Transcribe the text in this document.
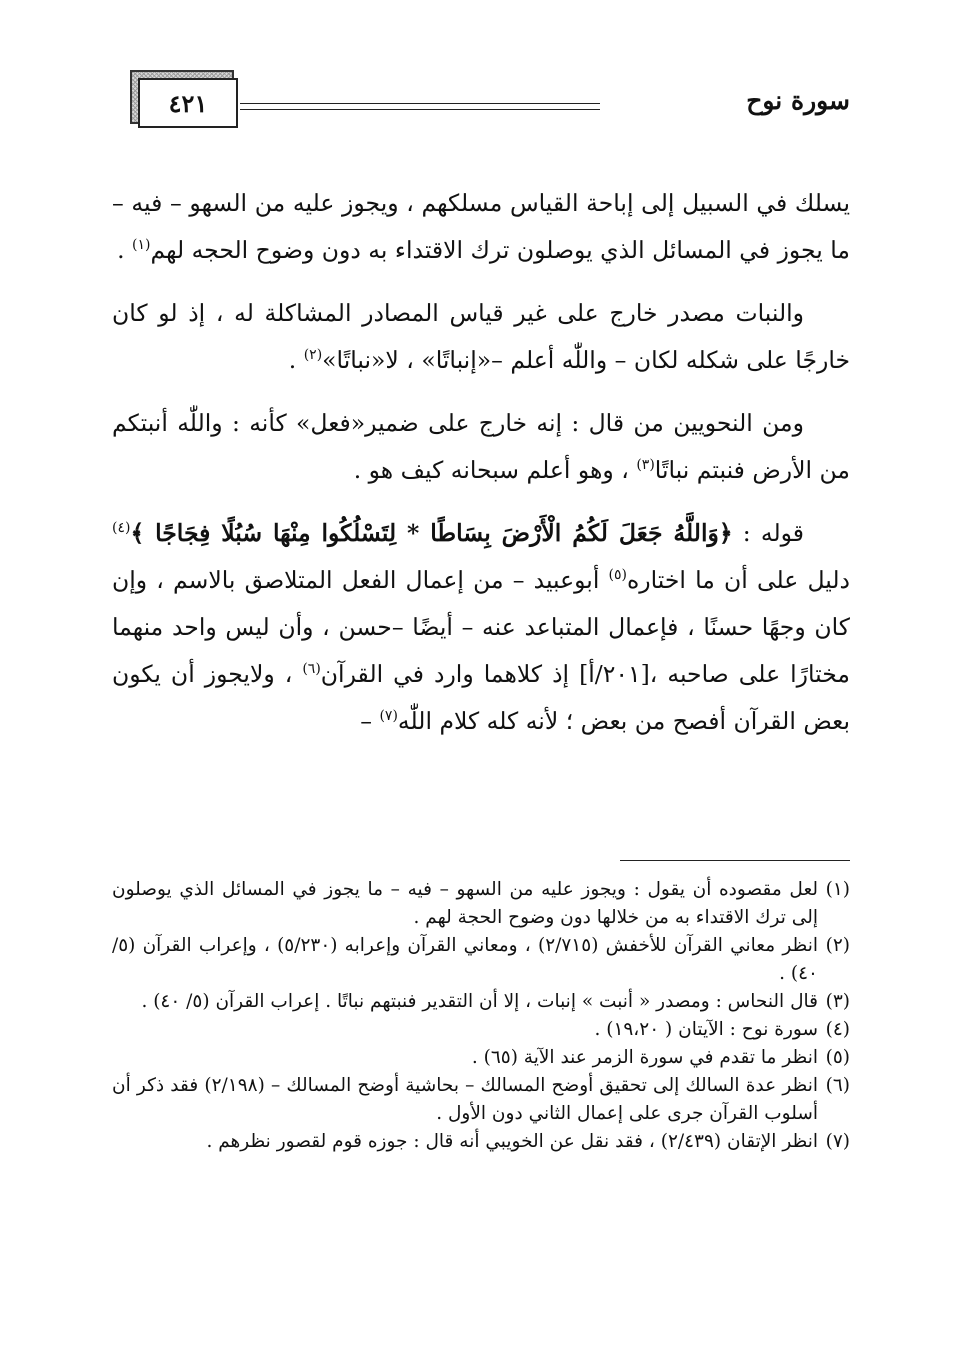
٤٢١	سورة نوح

يسلك في السبيل إلى إباحة القياس مسلكهم ، ويجوز عليه من السهو – فيه – ما يجوز في المسائل الذي يوصلون ترك الاقتداء به دون وضوح الحجه لهم$^{(١)}$ .

والنبات مصدر خارج على غير قياس المصادر المشاكلة له ، إذ لو كان خارجًا على شكله لكان – واللّٰه أعلم –«إنباتًا» ، لا«نباتًا»$^{(٢)}$ .

ومن النحويين من قال : إنه خارج على ضمير«فعل» كأنه : واللّٰه أنبتكم من الأرض فنبتم نباتًا$^{(٣)}$ ، وهو أعلم سبحانه كيف هو .

قوله : ﴿وَاللَّهُ جَعَلَ لَكُمُ الْأَرْضَ بِسَاطًا * لِتَسْلُكُوا مِنْهَا سُبُلًا فِجَاجًا ﴾$^{(٤)}$ دليل على أن ما اختاره$^{(٥)}$ أبوعبيد – من إعمال الفعل المتلاصق بالاسم ، وإن كان وجهًا حسنًا ، فإعمال المتباعد عنه – أيضًا –حسن ، وأن ليس واحد منهما مختارًا على صاحبه ،[٢٠١/أ] إذ كلاهما وارد في القرآن$^{(٦)}$ ، ولايجوز أن يكون بعض القرآن أفصح من بعض ؛ لأنه كله كلام اللّٰه$^{(٧)}$ –

(١)
لعل مقصوده أن يقول : ويجوز عليه من السهو – فيه – ما يجوز في المسائل الذي يوصلون إلى ترك الاقتداء به من خلالها دون وضوح الحجة لهم .
(٢)
انظر معاني القرآن للأخفش (٢/٧١٥) ، ومعاني القرآن وإعرابه (٥/٢٣٠) ، وإعراب القرآن (٥/ ٤٠) .
(٣)
قال النحاس : ومصدر « أنبت » إنبات ، إلا أن التقدير فنبتهم نباتًا . إعراب القرآن (٥/ ٤٠) .
(٤)
سورة نوح : الآيتان ( ١٩،٢٠) .
(٥)
انظر ما تقدم في سورة الزمر عند الآية (٦٥) .
(٦)
انظر عدة السالك إلى تحقيق أوضح المسالك – بحاشية أوضح المسالك – (٢/١٩٨) فقد ذكر أن أسلوب القرآن جرى على إعمال الثاني دون الأول .
(٧)
انظر الإتقان (٢/٤٣٩) ، فقد نقل عن الخويبي أنه قال : جوزه قوم لقصور نظرهم .
